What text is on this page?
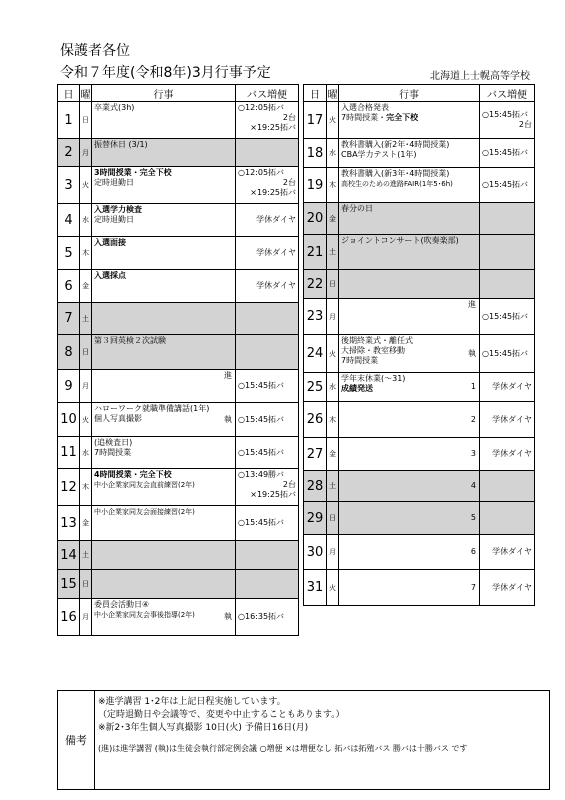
保護者各位
令和７年度(令和8年)3月行事予定	北海道上士幌高等学校
日	曜	行事	バス増便
1	日	卒業式(3h)	○12:05拓バ
2台
×19:25拓バ

2	月	振替休日 (3/1)	

3	火	3時間授業・完全下校
定時退勤日	○12:05拓バ
2台
×19:25拓バ

4	水	入選学力検査
定時退勤日	学休ダイヤ

5	木	入選面接	学休ダイヤ

6	金	入選採点	学休ダイヤ

7	土		
8	日	第３回英検２次試験	

9	月	進	○15:45拓バ

10	火	ハローワーク就職準備講話(1年)
個人写真撮影 執	○15:45拓バ

11	水	(追検査日)
7時間授業	○15:45拓バ

12	木	4時間授業・完全下校
中小企業家同友会直前練習(2年)	○13:49勝バ
2台
×19:25拓バ

13	金	中小企業家同友会面接練習(2年)	○15:45拓バ

14	土		
15	日		
16	月	委員会活動日④
中小企業家同友会事後指導(2年) 執	○16:35拓バ
日	曜	行事	バス増便
17	火	入選合格発表
7時間授業・完全下校	○15:45拓バ
2台

18	水	教科書購入(新2年･4時間授業)
CBA学力テスト(1年)	○15:45拓バ

19	木	教科書購入(新3年･4時間授業)
高校生のための進路FAIR(1年5･6h)	○15:45拓バ

20	金	春分の日	

21	土	ジョイントコンサート(吹奏楽部)	

22	日		
23	月	進	○15:45拓バ

24	火	後期終業式・離任式
大掃除・教室移動
7時間授業
執	○15:45拓バ

25	水	学年末休業(～31)
成績発送 1	学休ダイヤ

26	木	2	学休ダイヤ

27	金	3	学休ダイヤ

28	土	4	

29	日	5	

30	月	6	学休ダイヤ

31	火	7	学休ダイヤ
備考
※進学講習 1･2年は上記日程実施しています。
（定時退勤日や会議等で、変更や中止することもあります。）
※新2･3年生個人写真撮影 10日(火) 予備日16日(月)
(進)は進学講習 (執)は生徒会執行部定例会議 ○増便 ×は増便なし 拓バは拓殖バス 勝バは十勝バス です
